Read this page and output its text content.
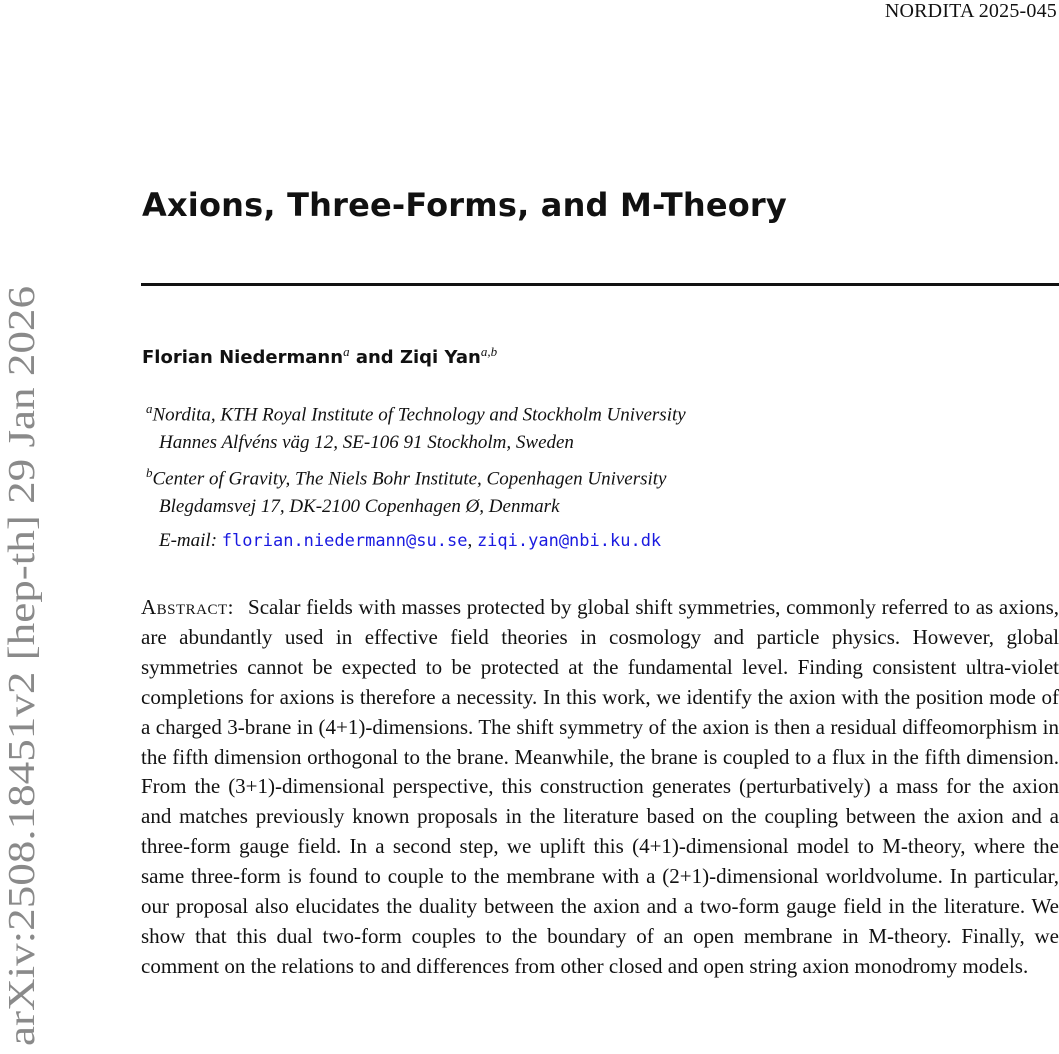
NORDITA 2025-045
arXiv:2508.18451v2 [hep-th] 29 Jan 2026
Axions, Three-Forms, and M-Theory
Florian Niedermann$^a$ and Ziqi Yan$^{a,b}$
$^a$Nordita, KTH Royal Institute of Technology and Stockholm University
Hannes Alfvéns väg 12, SE-106 91 Stockholm, Sweden
$^b$Center of Gravity, The Niels Bohr Institute, Copenhagen University
Blegdamsvej 17, DK-2100 Copenhagen Ø, Denmark
E-mail: florian.niedermann@su.se, ziqi.yan@nbi.ku.dk
Abstract: Scalar fields with masses protected by global shift symmetries, commonly referred to as axions, are abundantly used in effective field theories in cosmology and particle physics. However, global symmetries cannot be expected to be protected at the fundamental level. Finding consistent ultra-violet completions for axions is therefore a necessity. In this work, we identify the axion with the position mode of a charged 3-brane in (4+1)-dimensions. The shift symmetry of the axion is then a residual diffeomorphism in the fifth dimension orthogonal to the brane. Meanwhile, the brane is coupled to a flux in the fifth dimension. From the (3+1)-dimensional perspective, this construction generates (perturbatively) a mass for the axion and matches previously known proposals in the literature based on the coupling between the axion and a three-form gauge field. In a second step, we uplift this (4+1)-dimensional model to M-theory, where the same three-form is found to couple to the membrane with a (2+1)-dimensional worldvolume. In particular, our proposal also elucidates the duality between the axion and a two-form gauge field in the literature. We show that this dual two-form couples to the boundary of an open membrane in M-theory. Finally, we comment on the relations to and differences from other closed and open string axion monodromy models.
